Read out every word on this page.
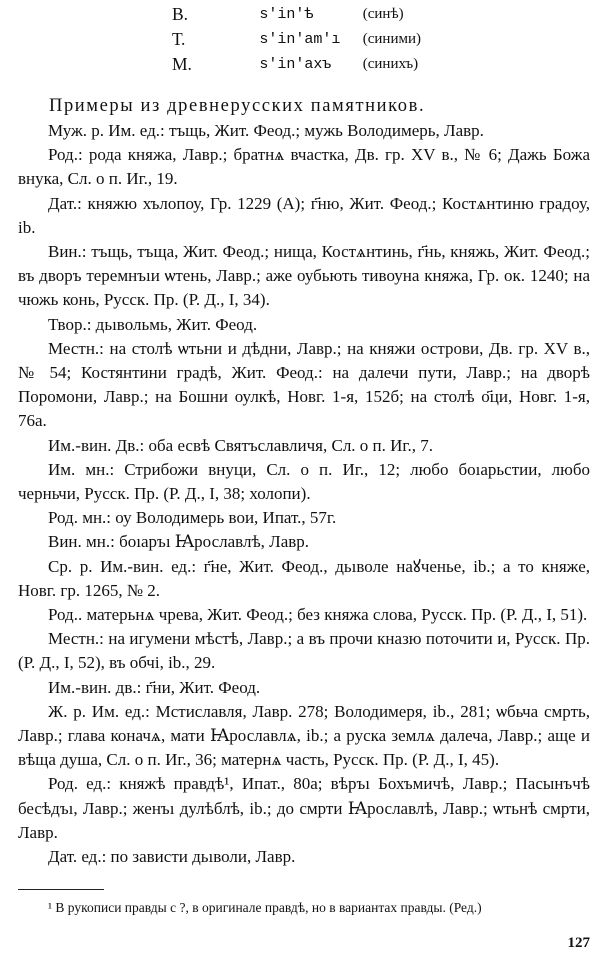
В.	s'in'ѣ	(синѣ)
Т.	s'in'am'ı	(синими)
М.	s'in'axъ	(синихъ)
Примеры из древнерусских памятников.

Муж. р. Им. ед.: тъщь, Жит. Феод.; мужь Володимерь, Лавр.

Род.: рода княжа, Лавр.; братнѧ вчастка, Дв. гр. XV в., № 6; Дажь Божа внука, Сл. о п. Иг., 19.

Дат.: княжю хълопоу, Гр. 1229 (А); г҃ню, Жит. Феод.; Костѧнтиню градоу, ib.

Вин.: тъщь, тъща, Жит. Феод.; нища, Костѧнтинь, г҃нь, княжь, Жит. Феод.; въ дворъ теремнъıи ѡтень, Лавр.; аже оубьють тивоуна княжа, Гр. ок. 1240; на чюжь конь, Русск. Пр. (Р. Д., I, 34).

Твор.: дьıвольмь, Жит. Феод.

Местн.: на столѣ ѡтьни и дѣдни, Лавр.; на княжи острови, Дв. гр. XV в., № 54; Костянтини градѣ, Жит. Феод.: на далечи пути, Лавр.; на дворѣ Поромони, Лавр.; на Бошни оулкѣ, Новг. 1-я, 152б; на столѣ о҃ци, Новг. 1-я, 76а.

Им.-вин. Дв.: оба есвѣ Святъславличя, Сл. о п. Иг., 7.

Им. мн.: Стрибожи внуци, Сл. о п. Иг., 12; любо боıарьстии, любо черньчи, Русск. Пр. (Р. Д., I, 38; холопи).

Род. мн.: оу Володимерь вои, Ипат., 57г.

Вин. мн.: боıаръı Ꙗрославлѣ, Лавр.

Ср. р. Им.-вин. ед.: г҃не, Жит. Феод., дьıволе наꙋченье, ib.; а то княже, Новг. гр. 1265, № 2.

Род.. матерьнѧ чрева, Жит. Феод.; без княжа слова, Русск. Пр. (Р. Д., I, 51).

Местн.: на игумени мѣстѣ, Лавр.; а въ прочи кназю поточити и, Русск. Пр. (Р. Д., I, 52), въ обчі, ib., 29.

Им.-вин. дв.: г҃ни, Жит. Феод.

Ж. р. Им. ед.: Мстиславля, Лавр. 278; Володимеря, ib., 281; ѡбьча смрть, Лавр.; глава коначѧ, мати Ꙗрославлѧ, ib.; а руска землѧ далеча, Лавр.; аще и вѣща душа, Сл. о п. Иг., 36; матернѧ часть, Русск. Пр. (Р. Д., I, 45).

Род. ед.: княжѣ правдѣ¹, Ипат., 80а; вѣръı Бохъмичѣ, Лавр.; Пасынъчѣ бесѣдъı, Лавр.; женъı дулѣблѣ, ib.; до смрти Ꙗрославлѣ, Лавр.; ѡтьнѣ смрти, Лавр.

Дат. ед.: по зависти дьıволи, Лавр.

¹ В рукописи правды с ?, в оригинале правдѣ, но в вариантах правды. (Ред.)
127
